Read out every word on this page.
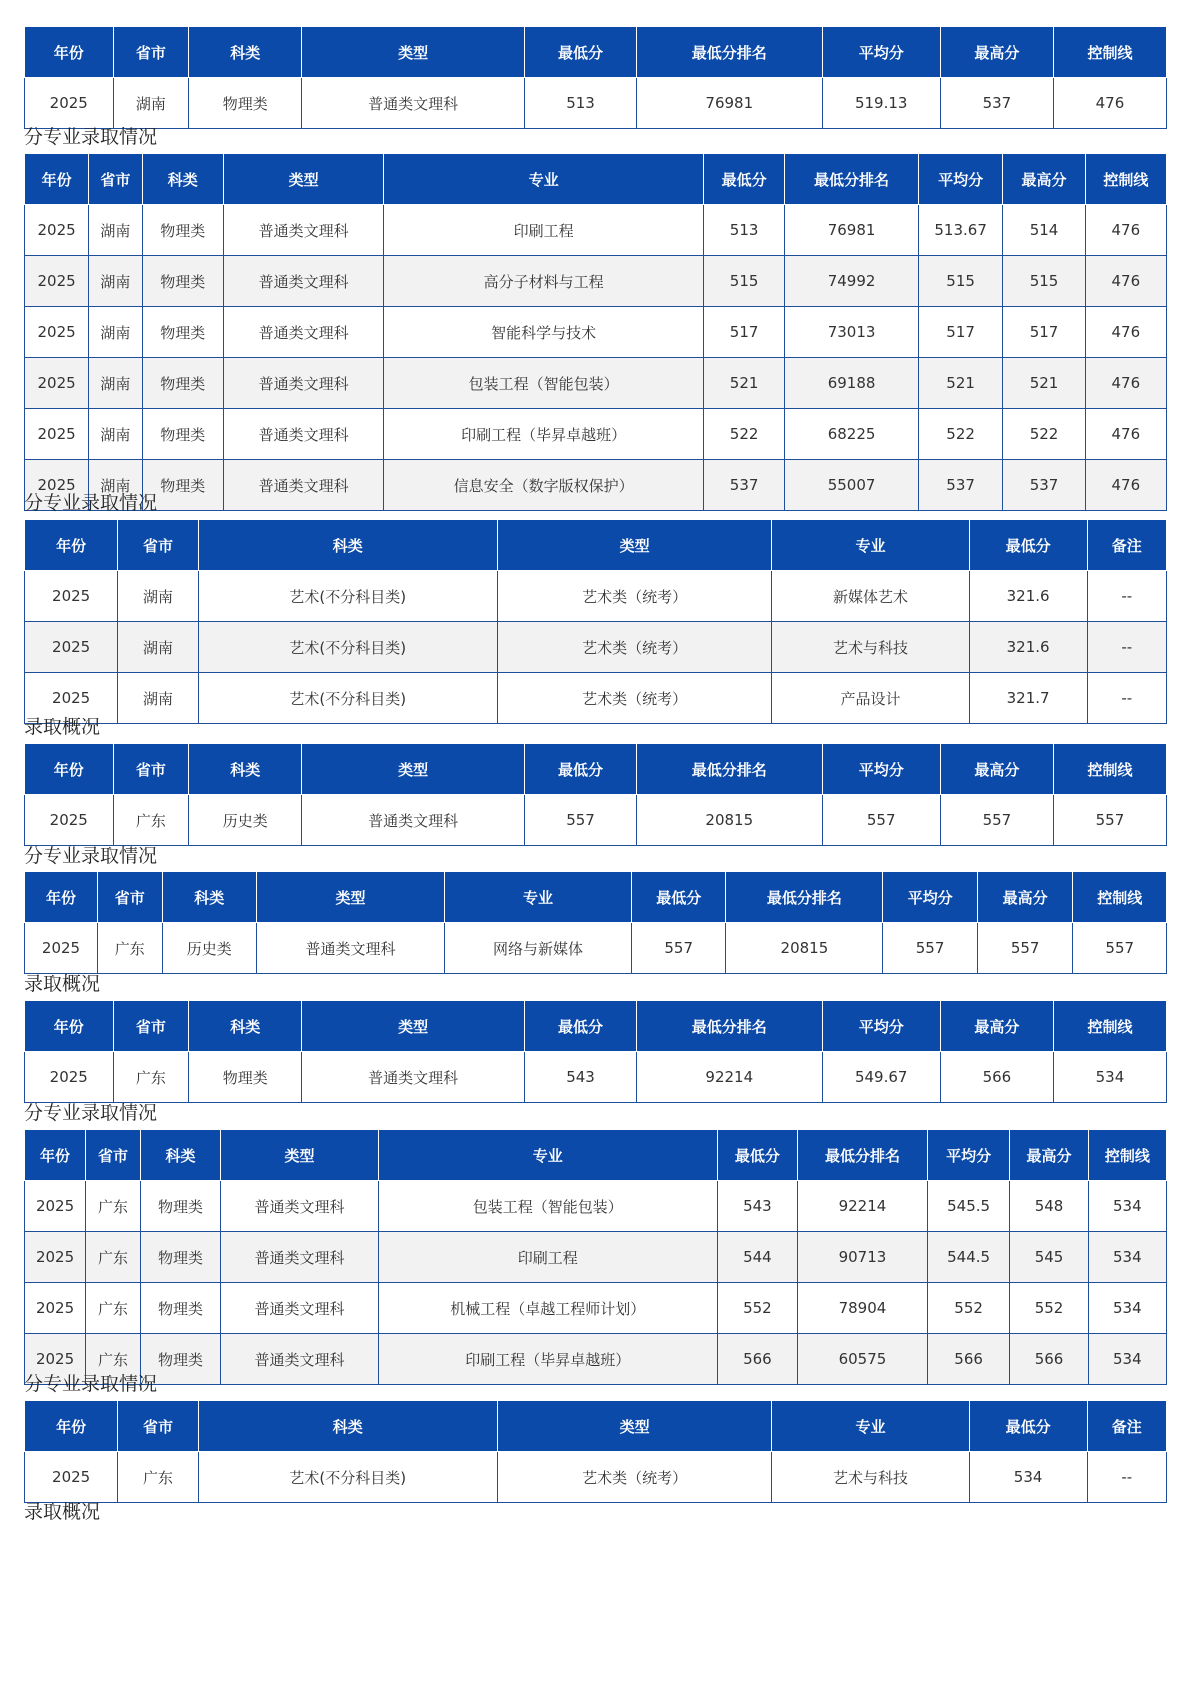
年份	省市	科类	类型	最低分	最低分排名	平均分	最高分	控制线
2025	湖南	物理类	普通类文理科	513	76981	519.13	537	476
分专业录取情况
年份	省市	科类	类型	专业	最低分	最低分排名	平均分	最高分	控制线
2025	湖南	物理类	普通类文理科	印刷工程	513	76981	513.67	514	476
2025	湖南	物理类	普通类文理科	高分子材料与工程	515	74992	515	515	476
2025	湖南	物理类	普通类文理科	智能科学与技术	517	73013	517	517	476
2025	湖南	物理类	普通类文理科	包装工程（智能包装）	521	69188	521	521	476
2025	湖南	物理类	普通类文理科	印刷工程（毕昇卓越班）	522	68225	522	522	476
2025	湖南	物理类	普通类文理科	信息安全（数字版权保护）	537	55007	537	537	476
分专业录取情况
年份	省市	科类	类型	专业	最低分	备注
2025	湖南	艺术(不分科目类)	艺术类（统考）	新媒体艺术	321.6	--
2025	湖南	艺术(不分科目类)	艺术类（统考）	艺术与科技	321.6	--
2025	湖南	艺术(不分科目类)	艺术类（统考）	产品设计	321.7	--
录取概况
年份	省市	科类	类型	最低分	最低分排名	平均分	最高分	控制线
2025	广东	历史类	普通类文理科	557	20815	557	557	557
分专业录取情况
年份	省市	科类	类型	专业	最低分	最低分排名	平均分	最高分	控制线
2025	广东	历史类	普通类文理科	网络与新媒体	557	20815	557	557	557
录取概况
年份	省市	科类	类型	最低分	最低分排名	平均分	最高分	控制线
2025	广东	物理类	普通类文理科	543	92214	549.67	566	534
分专业录取情况
年份	省市	科类	类型	专业	最低分	最低分排名	平均分	最高分	控制线
2025	广东	物理类	普通类文理科	包装工程（智能包装）	543	92214	545.5	548	534
2025	广东	物理类	普通类文理科	印刷工程	544	90713	544.5	545	534
2025	广东	物理类	普通类文理科	机械工程（卓越工程师计划）	552	78904	552	552	534
2025	广东	物理类	普通类文理科	印刷工程（毕昇卓越班）	566	60575	566	566	534
分专业录取情况
年份	省市	科类	类型	专业	最低分	备注
2025	广东	艺术(不分科目类)	艺术类（统考）	艺术与科技	534	--
录取概况
